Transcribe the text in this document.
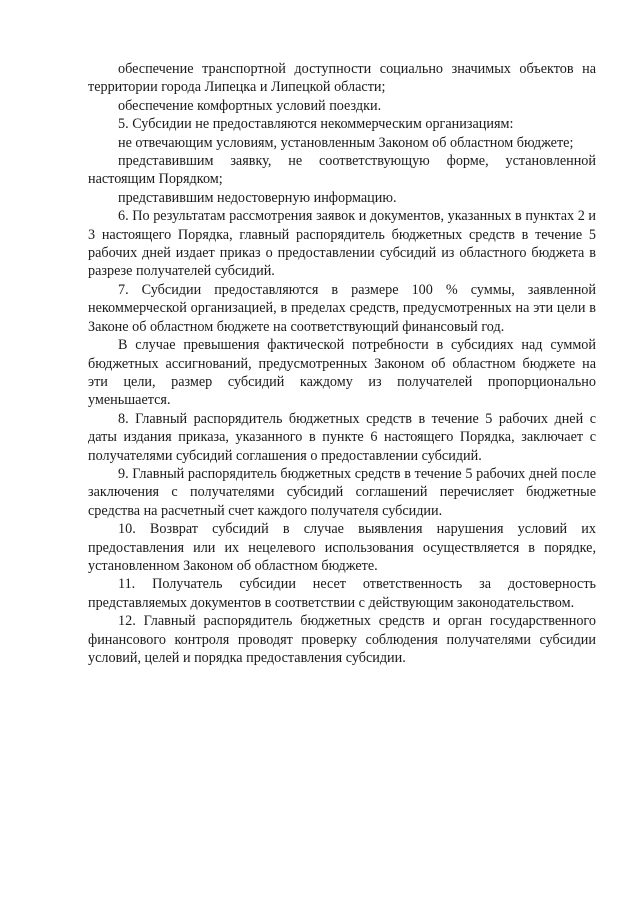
обеспечение транспортной доступности социально значимых объектов на территории города Липецка и Липецкой области;

обеспечение комфортных условий поездки.

5. Субсидии не предоставляются некоммерческим организациям:

не отвечающим условиям, установленным Законом об областном бюджете;

представившим заявку, не соответствующую форме, установленной настоящим Порядком;

представившим недостоверную информацию.

6. По результатам рассмотрения заявок и документов, указанных в пунктах 2 и 3 настоящего Порядка, главный распорядитель бюджетных средств в течение 5 рабочих дней издает приказ о предоставлении субсидий из областного бюджета в разрезе получателей субсидий.

7. Субсидии предоставляются в размере 100 % суммы, заявленной некоммерческой организацией, в пределах средств, предусмотренных на эти цели в Законе об областном бюджете на соответствующий финансовый год.

В случае превышения фактической потребности в субсидиях над суммой бюджетных ассигнований, предусмотренных Законом об областном бюджете на эти цели, размер субсидий каждому из получателей пропорционально уменьшается.

8. Главный распорядитель бюджетных средств в течение 5 рабочих дней с даты издания приказа, указанного в пункте 6 настоящего Порядка, заключает с получателями субсидий соглашения о предоставлении субсидий.

9. Главный распорядитель бюджетных средств в течение 5 рабочих дней после заключения с получателями субсидий соглашений перечисляет бюджетные средства на расчетный счет каждого получателя субсидии.

10. Возврат субсидий в случае выявления нарушения условий их предоставления или их нецелевого использования осуществляется в порядке, установленном Законом об областном бюджете.

11. Получатель субсидии несет ответственность за достоверность представляемых документов в соответствии с действующим законодательством.

12. Главный распорядитель бюджетных средств и орган государственного финансового контроля проводят проверку соблюдения получателями субсидии условий, целей и порядка предоставления субсидии.
